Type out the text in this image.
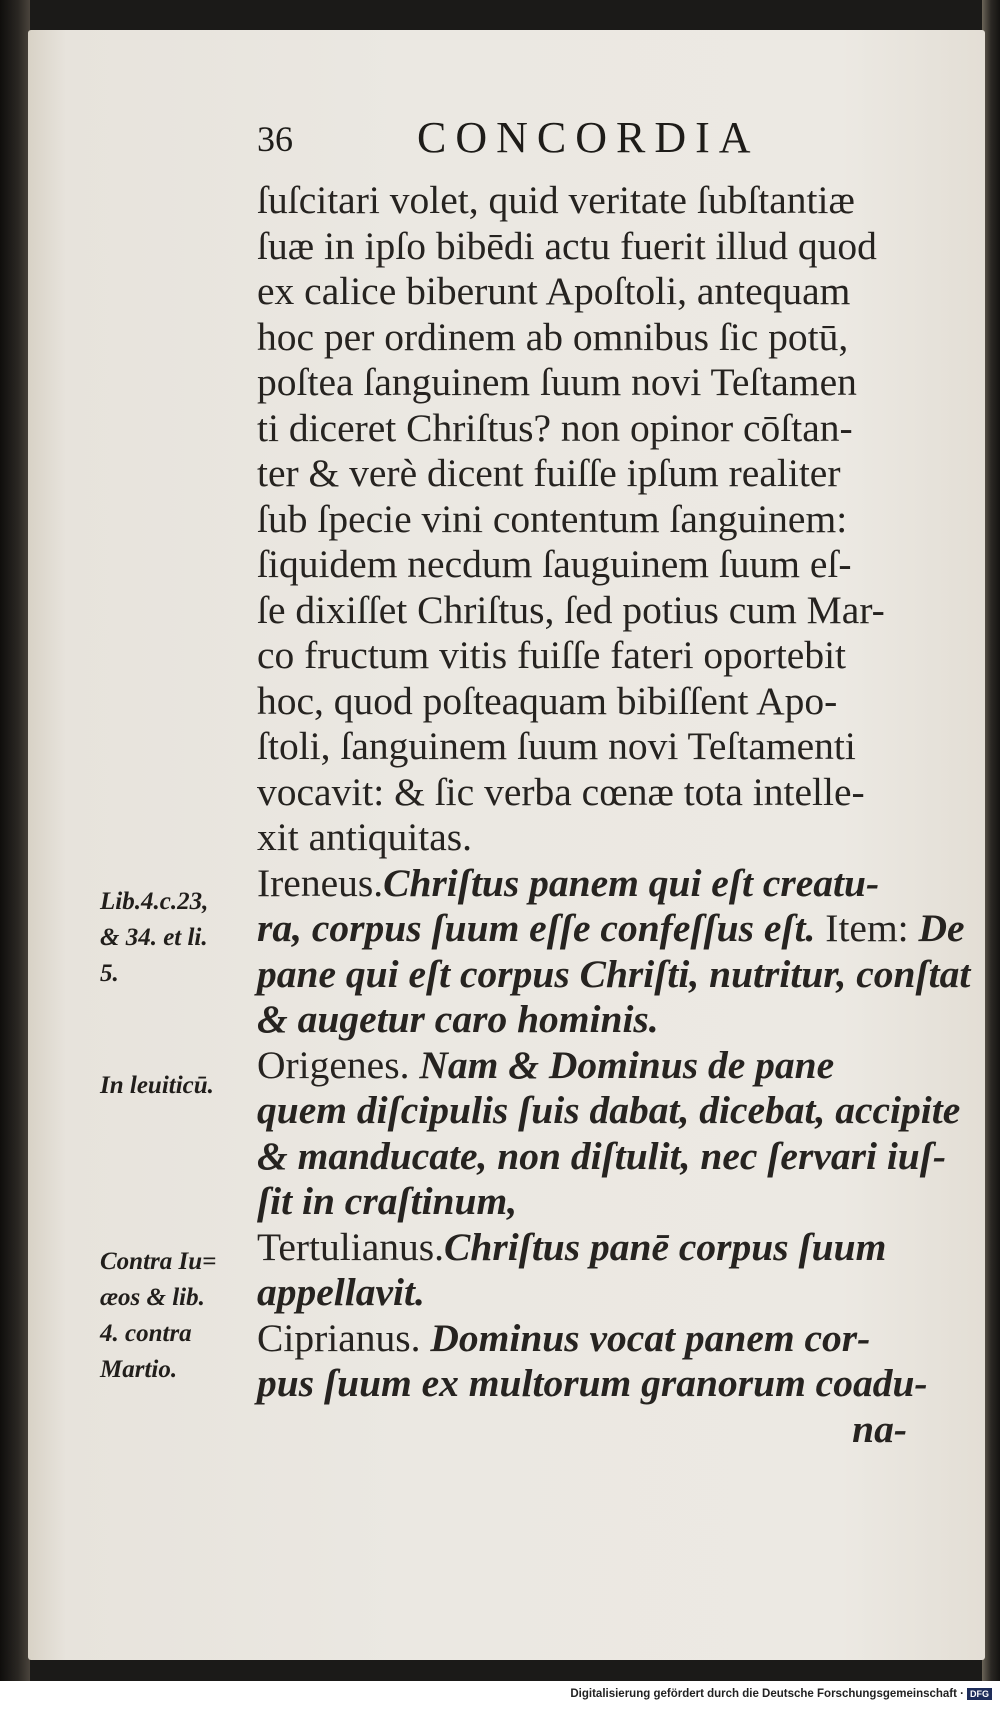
36	CONCORDIA
ſuſcitari volet, quid veritate ſubſtantiæ
ſuæ in ipſo bibēdi actu fuerit illud quod
ex calice biberunt Apoſtoli, antequam
hoc per ordinem ab omnibus ſic potū,
poſtea ſanguinem ſuum novi Teſtamen
ti diceret Chriſtus? non opinor cōſtan-
ter & verè dicent fuiſſe ipſum realiter
ſub ſpecie vini contentum ſanguinem:
ſiquidem necdum ſauguinem ſuum eſ-
ſe dixiſſet Chriſtus, ſed potius cum Mar-
co fructum vitis fuiſſe fateri oportebit
hoc, quod poſteaquam bibiſſent Apo-
ſtoli, ſanguinem ſuum novi Teſtamenti
vocavit: & ſic verba cœnæ tota intelle-
xit antiquitas.
Ireneus.Chriſtus panem qui eſt creatu-
ra, corpus ſuum eſſe confeſſus eſt. Item: De
pane qui eſt corpus Chriſti, nutritur, conſtat
& augetur caro hominis.
Origenes. Nam & Dominus de pane
quem diſcipulis ſuis dabat, dicebat, accipite
& manducate, non diſtulit, nec ſervari iuſ-
ſit in craſtinum,
Tertulianus.Chriſtus panē corpus ſuum
appellavit.
Ciprianus. Dominus vocat panem cor-
pus ſuum ex multorum granorum coadu-
na-
Lib.4.c.23,
& 34. et li.
5.
In leuiticū.
Contra Iu=
æos & lib.
4. contra
Martio.
Digitalisierung gefördert durch die Deutsche Forschungsgemeinschaft · DFG
